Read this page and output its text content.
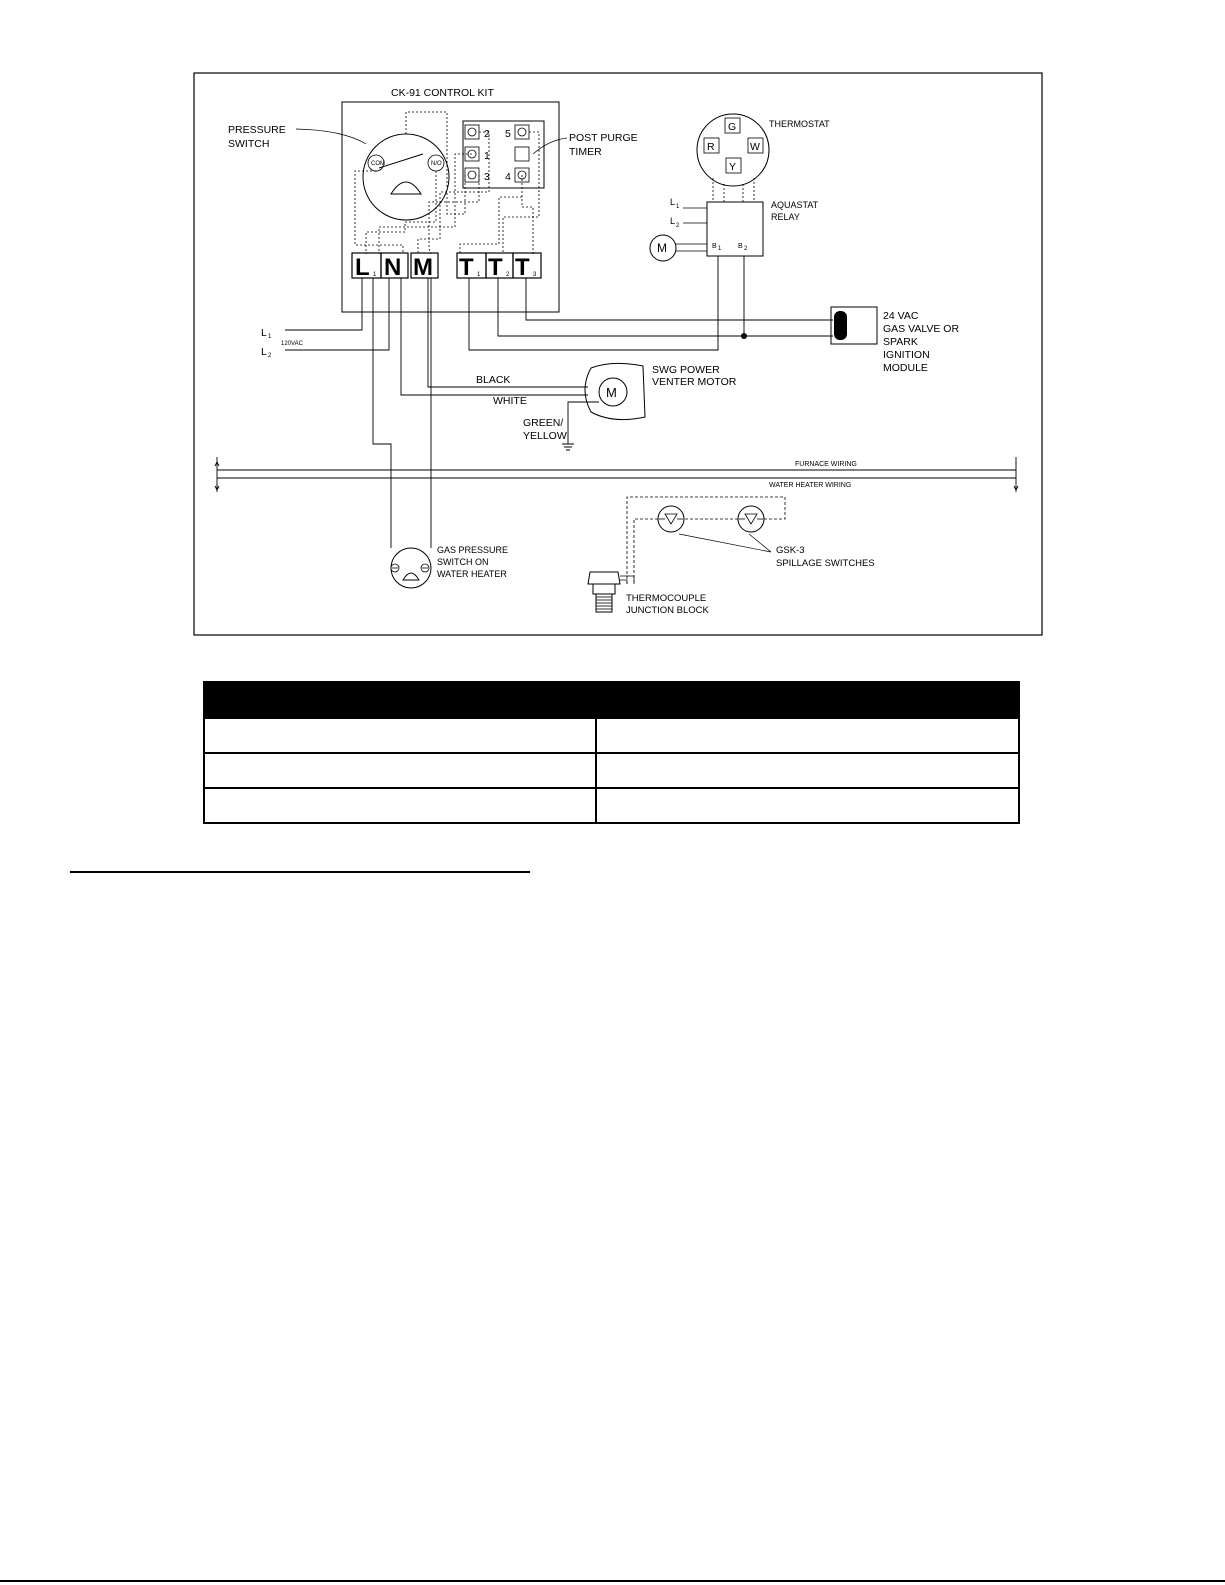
CK-91 CONTROL KIT
COM	N/O
PRESSURE
SWITCH
2
1
3
5
4
POST PURGE
TIMER
L 1 N M T 1 T 2 T 3
G
R	W
Y
THERMOSTAT
AQUASTAT
RELAY
B 1 B 2
L 1
L 2
M
L 1
L 2
120VAC
24 VAC
GAS VALVE OR
SPARK
IGNITION
MODULE
M
SWG POWER
VENTER MOTOR
BLACK
WHITE
GREEN/
YELLOW
FURNACE WIRING
WATER HEATER WIRING
GAS PRESSURE
SWITCH ON
WATER HEATER
GSK-3
SPILLAGE SWITCHES
THERMOCOUPLE
JUNCTION BLOCK
